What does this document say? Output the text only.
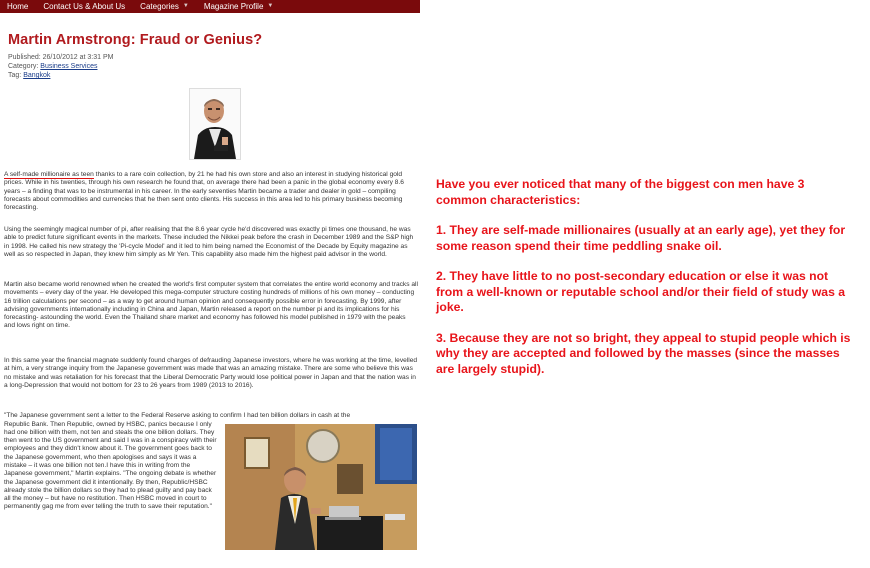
Home Contact Us & About Us Categories ▼ Magazine Profile ▼
Martin Armstrong: Fraud or Genius?
Published: 26/10/2012 at 3:31 PM
Category: Business Services
Tag: Bangkok

A self-made millionaire as teen thanks to a rare coin collection, by 21 he had his own store and also an interest in studying historical gold prices. While in his twenties, through his own research he found that, on average there had been a panic in the global economy every 8.6 years – a finding that was to be instrumental in his career. In the early seventies Martin became a trader and dealer in gold – compiling forecasts about commodities and currencies that he then sent onto clients. His success in this area led to his primary business becoming forecasting.

Using the seemingly magical number of pi, after realising that the 8.6 year cycle he'd discovered was exactly pi times one thousand, he was able to predict future significant events in the markets. These included the Nikkei peak before the crash in December 1989 and the S&P high in 1998. He called his new strategy the 'Pi-cycle Model' and it led to him being named the Economist of the Decade by Equity magazine as well as so respected in Japan, they knew him simply as Mr Yen. This capability also made him the highest paid advisor in the world.

Martin also became world renowned when he created the world's first computer system that correlates the entire world economy and tracks all movements – every day of the year. He developed this mega-computer structure costing hundreds of millions of his own money – conducting 16 trillion calculations per second – as a way to get around human opinion and consequently possible error in forecasting. By 1999, after advising governments internationally including in China and Japan, Martin released a report on the number pi and its implications for his forecasting- astounding the world. Even the Thailand share market and economy has followed his model published in 1979 with the peaks and lows right on time.

In this same year the financial magnate suddenly found charges of defrauding Japanese investors, where he was working at the time, levelled at him, a very strange inquiry from the Japanese government was made that was an amazing mistake. There are some who believe this was no mistake and was retaliation for his forecast that the Liberal Democratic Party would lose political power in Japan and that the nation was in a long-Depression that would not bottom for 23 to 26 years from 1989 (2013 to 2016).

"The Japanese government sent a letter to the Federal Reserve asking to confirm I had ten billion dollars in cash at the

Republic Bank. Then Republic, owned by HSBC, panics because I only had one billion with them, not ten and steals the one billion dollars. They then went to the US government and said I was in a conspiracy with their employees and they didn't know about it. The government goes back to the Japanese government, who then apologises and says it was a mistake – it was one billion not ten.I have this in writing from the Japanese government," Martin explains. "The ongoing debate is whether the Japanese government did it intentionally. By then, Republic/HSBC already stole the billion dollars so they had to plead guilty and pay back all the money – but have no restitution. Then HSBC moved in court to permanently gag me from ever telling the truth to save their reputation."

Have you ever noticed that many of the biggest con men have 3 common characteristics:

1. They are self-made millionaires (usually at an early age), yet they for some reason spend their time peddling snake oil.

2. They have little to no post-secondary education or else it was not from a well-known or reputable school and/or their field of study was a joke.

3. Because they are not so bright, they appeal to stupid people which is why they are accepted and followed by the masses (since the masses are largely stupid).
